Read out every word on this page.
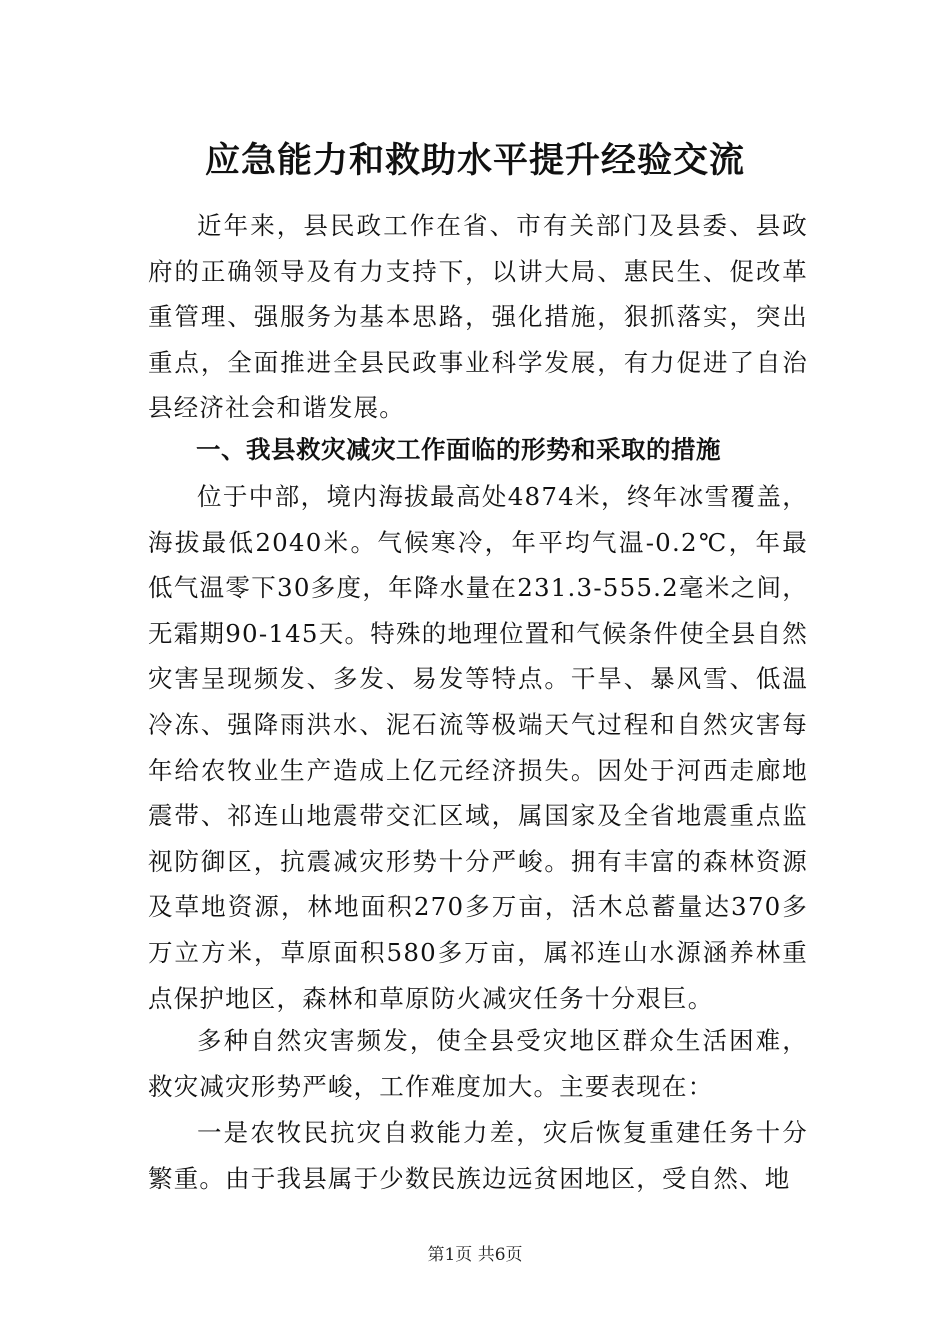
应急能力和救助水平提升经验交流

近年来，县民政工作在省、市有关部门及县委、县政府的正确领导及有力支持下，以讲大局、惠民生、促改革重管理、强服务为基本思路，强化措施，狠抓落实，突出重点，全面推进全县民政事业科学发展，有力促进了自治县经济社会和谐发展。

一、我县救灾减灾工作面临的形势和采取的措施

位于中部，境内海拔最高处4874米，终年冰雪覆盖，海拔最低2040米。气候寒冷，年平均气温-0.2℃，年最低气温零下30多度，年降水量在231.3-555.2毫米之间，无霜期90-145天。特殊的地理位置和气候条件使全县自然灾害呈现频发、多发、易发等特点。干旱、暴风雪、低温冷冻、强降雨洪水、泥石流等极端天气过程和自然灾害每年给农牧业生产造成上亿元经济损失。因处于河西走廊地震带、祁连山地震带交汇区域，属国家及全省地震重点监视防御区，抗震减灾形势十分严峻。拥有丰富的森林资源及草地资源，林地面积270多万亩，活木总蓄量达370多万立方米，草原面积580多万亩，属祁连山水源涵养林重点保护地区，森林和草原防火减灾任务十分艰巨。

多种自然灾害频发，使全县受灾地区群众生活困难，救灾减灾形势严峻，工作难度加大。主要表现在：

一是农牧民抗灾自救能力差，灾后恢复重建任务十分繁重。由于我县属于少数民族边远贫困地区，受自然、地

第1页 共6页
